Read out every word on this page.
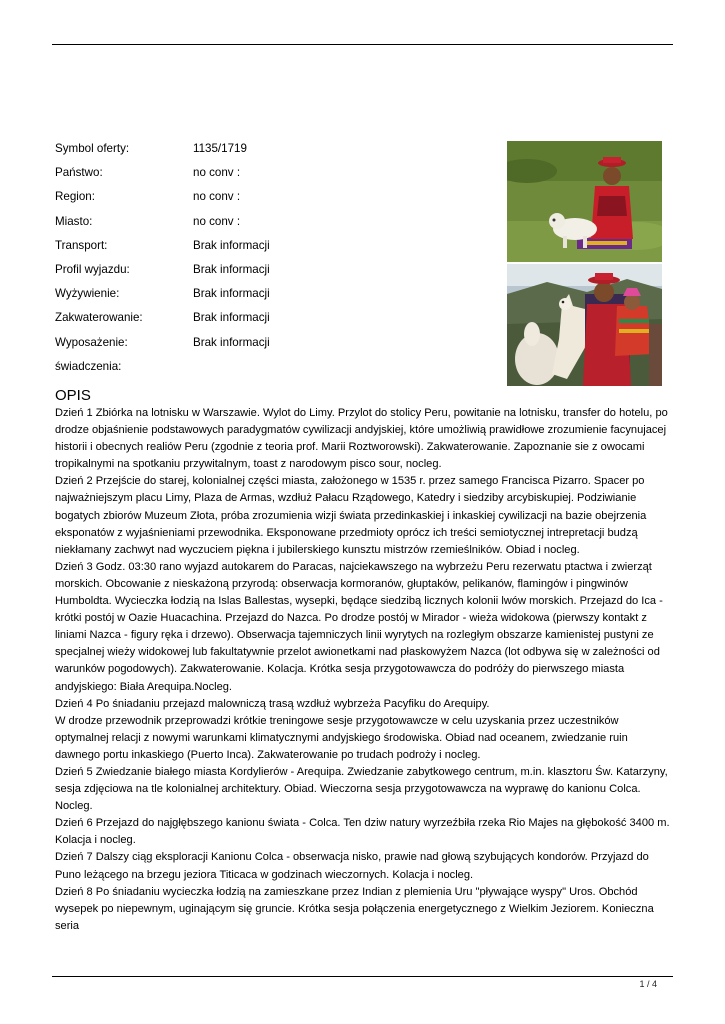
Symbol oferty:	1135/1719
Państwo:	no conv :
Region:	no conv :
Miasto:	no conv :
Transport:	Brak informacji
Profil wyjazdu:	Brak informacji
Wyżywienie:	Brak informacji
Zakwaterowanie:	Brak informacji
Wyposażenie:	Brak informacji
świadczenia:
OPIS

Dzień 1 Zbiórka na lotnisku w Warszawie. Wylot do Limy. Przylot do stolicy Peru, powitanie na lotnisku, transfer do hotelu, po drodze objaśnienie podstawowych paradygmatów cywilizacji andyjskiej, które umożliwią prawidłowe zrozumienie facynujacej historii i obecnych realiów Peru (zgodnie z teoria prof. Marii Roztworowski). Zakwaterowanie. Zapoznanie sie z owocami tropikalnymi na spotkaniu przywitalnym, toast z narodowym pisco sour, nocleg.

Dzień 2 Przejście do starej, kolonialnej części miasta, założonego w 1535 r. przez samego Francisca Pizarro. Spacer po najważniejszym placu Limy, Plaza de Armas, wzdłuż Pałacu Rządowego, Katedry i siedziby arcybiskupiej. Podziwianie bogatych zbiorów Muzeum Złota, próba zrozumienia wizji świata przedinkaskiej i inkaskiej cywilizacji na bazie obejrzenia eksponatów z wyjaśnieniami przewodnika. Eksponowane przedmioty oprócz ich treści semiotycznej intrepretacji budzą niekłamany zachwyt nad wyczuciem piękna i jubilerskiego kunsztu mistrzów rzemieślników. Obiad i nocleg.

Dzień 3 Godz. 03:30 rano wyjazd autokarem do Paracas, najciekawszego na wybrzeżu Peru rezerwatu ptactwa i zwierząt morskich. Obcowanie z nieskażoną przyrodą: obserwacja kormoranów, głuptaków, pelikanów, flamingów i pingwinów Humboldta. Wycieczka łodzią na Islas Ballestas, wysepki, będące siedzibą licznych kolonii lwów morskich. Przejazd do Ica - krótki postój w Oazie Huacachina. Przejazd do Nazca. Po drodze postój w Mirador - wieża widokowa (pierwszy kontakt z liniami Nazca - figury ręka i drzewo). Obserwacja tajemniczych linii wyrytych na rozległym obszarze kamienistej pustyni ze specjalnej wieży widokowej lub fakultatywnie przelot awionetkami nad płaskowyżem Nazca (lot odbywa się w zależności od warunków pogodowych). Zakwaterowanie. Kolacja. Krótka sesja przygotowawcza do podróży do pierwszego miasta andyjskiego: Biała Arequipa.Nocleg.

Dzień 4 Po śniadaniu przejazd malowniczą trasą wzdłuż wybrzeża Pacyfiku do Arequipy.

W drodze przewodnik przeprowadzi krótkie treningowe sesje przygotowawcze w celu uzyskania przez uczestników optymalnej relacji z nowymi warunkami klimatycznymi andyjskiego środowiska. Obiad nad oceanem, zwiedzanie ruin dawnego portu inkaskiego (Puerto Inca). Zakwaterowanie po trudach podroży i nocleg.

Dzień 5 Zwiedzanie białego miasta Kordylierów - Arequipa. Zwiedzanie zabytkowego centrum, m.in. klasztoru Św. Katarzyny, sesja zdjęciowa na tle kolonialnej architektury. Obiad. Wieczorna sesja przygotowawcza na wyprawę do kanionu Colca. Nocleg.

Dzień 6 Przejazd do najgłębszego kanionu świata - Colca. Ten dziw natury wyrzeźbiła rzeka Rio Majes na głębokość 3400 m. Kolacja i nocleg.

Dzień 7 Dalszy ciąg eksploracji Kanionu Colca - obserwacja nisko, prawie nad głową szybujących kondorów. Przyjazd do Puno leżącego na brzegu jeziora Titicaca w godzinach wieczornych. Kolacja i nocleg.

Dzień 8 Po śniadaniu wycieczka łodzią na zamieszkane przez Indian z plemienia Uru "pływające wyspy" Uros. Obchód wysepek po niepewnym, uginającym się gruncie. Krótka sesja połączenia energetycznego z Wielkim Jeziorem. Konieczna seria

1 / 4
